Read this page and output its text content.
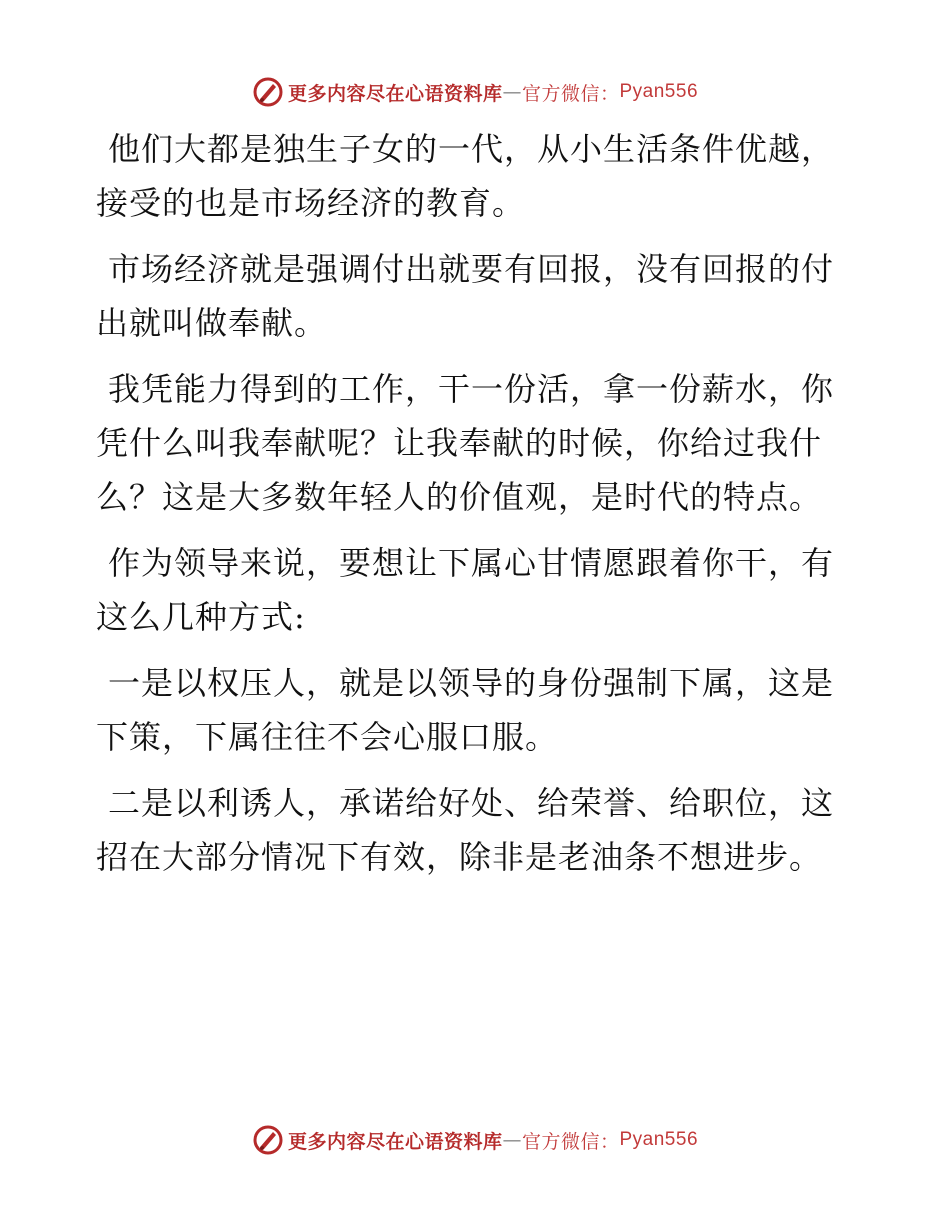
更多内容尽在心语资料库 — 官方微信： Pyan556

他们大都是独生子女的一代，从小生活条件优越，接受的也是市场经济的教育。

市场经济就是强调付出就要有回报，没有回报的付出就叫做奉献。

我凭能力得到的工作，干一份活，拿一份薪水，你凭什么叫我奉献呢？让我奉献的时候，你给过我什么？这是大多数年轻人的价值观，是时代的特点。

作为领导来说，要想让下属心甘情愿跟着你干，有这么几种方式:

一是以权压人，就是以领导的身份强制下属，这是下策，下属往往不会心服口服。

二是以利诱人，承诺给好处、给荣誉、给职位，这招在大部分情况下有效，除非是老油条不想进步。

更多内容尽在心语资料库 — 官方微信： Pyan556
